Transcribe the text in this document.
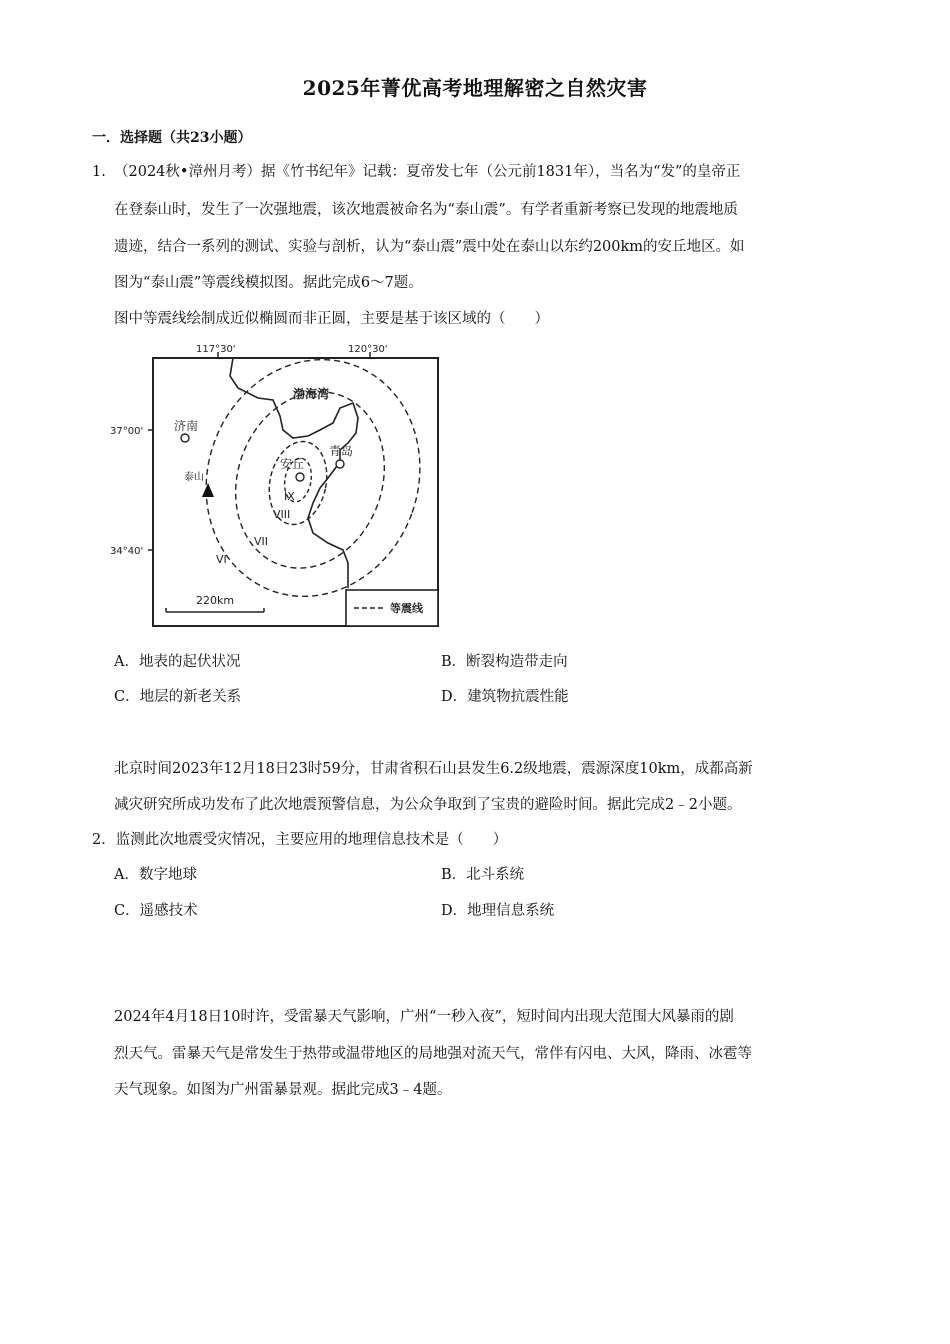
2025年菁优高考地理解密之自然灾害
一．选择题（共23小题）
1. （2024秋•漳州月考）据《竹书纪年》记载：夏帝发七年（公元前1831年），当名为“发”的皇帝正
在登泰山时，发生了一次强地震，该次地震被命名为“泰山震”。有学者重新考察已发现的地震地质
遗迹，结合一系列的测试、实验与剖析，认为“泰山震”震中处在泰山以东约200km的安丘地区。如
图为“泰山震”等震线模拟图。据此完成6～7题。
图中等震线绘制成近似椭圆而非正圆，主要是基于该区域的（　　）
117°30'	120°30'
37°00'
34°40'
渤海湾
济南
泰山
安丘
青岛
IX
VIII
VII
VI
220km
等震线
A．地表的起伏状况	B．断裂构造带走向
C．地层的新老关系	D．建筑物抗震性能
北京时间2023年12月18日23时59分，甘肃省积石山县发生6.2级地震，震源深度10km，成都高新
减灾研究所成功发布了此次地震预警信息，为公众争取到了宝贵的避险时间。据此完成2﹣2小题。
2．监测此次地震受灾情况，主要应用的地理信息技术是（　　）
A．数字地球	B．北斗系统
C．遥感技术	D．地理信息系统
2024年4月18日10时许，受雷暴天气影响，广州“一秒入夜”，短时间内出现大范围大风暴雨的剧
烈天气。雷暴天气是常发生于热带或温带地区的局地强对流天气，常伴有闪电、大风，降雨、冰雹等
天气现象。如图为广州雷暴景观。据此完成3﹣4题。
